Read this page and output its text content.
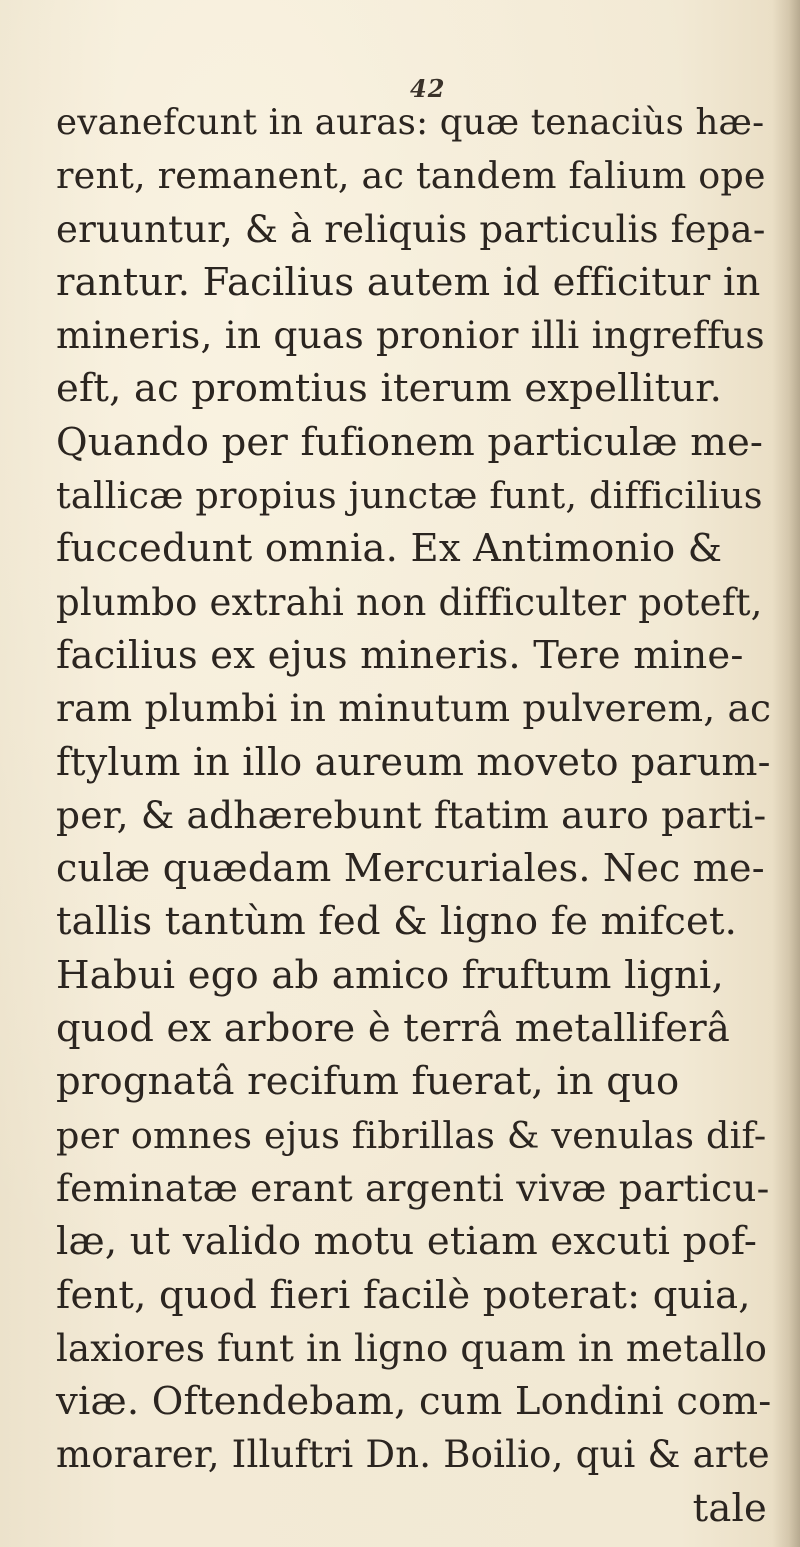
42
evanefcunt in auras: quæ tenaciùs hæ-
rent, remanent, ac tandem falium ope
eruuntur, & à reliquis particulis fepa-
rantur. Facilius autem id efficitur in
mineris, in quas pronior illi ingreffus
eft, ac promtius iterum expellitur.
Quando per fufionem particulæ me-
tallicæ propius junctæ funt, difficilius
fuccedunt omnia. Ex Antimonio &
plumbo extrahi non difficulter poteft,
facilius ex ejus mineris. Tere mine-
ram plumbi in minutum pulverem, ac
ftylum in illo aureum moveto parum-
per, & adhærebunt ftatim auro parti-
culæ quædam Mercuriales. Nec me-
tallis tantùm fed & ligno fe mifcet.
Habui ego ab amico fruftum ligni,
quod ex arbore è terrâ metalliferâ
prognatâ recifum fuerat, in quo
per omnes ejus fibrillas & venulas dif-
feminatæ erant argenti vivæ particu-
læ, ut valido motu etiam excuti pof-
fent, quod fieri facilè poterat: quia,
laxiores funt in ligno quam in metallo
viæ. Oftendebam, cum Londini com-
morarer, Illuftri Dn. Boilio, qui & arte
tale
